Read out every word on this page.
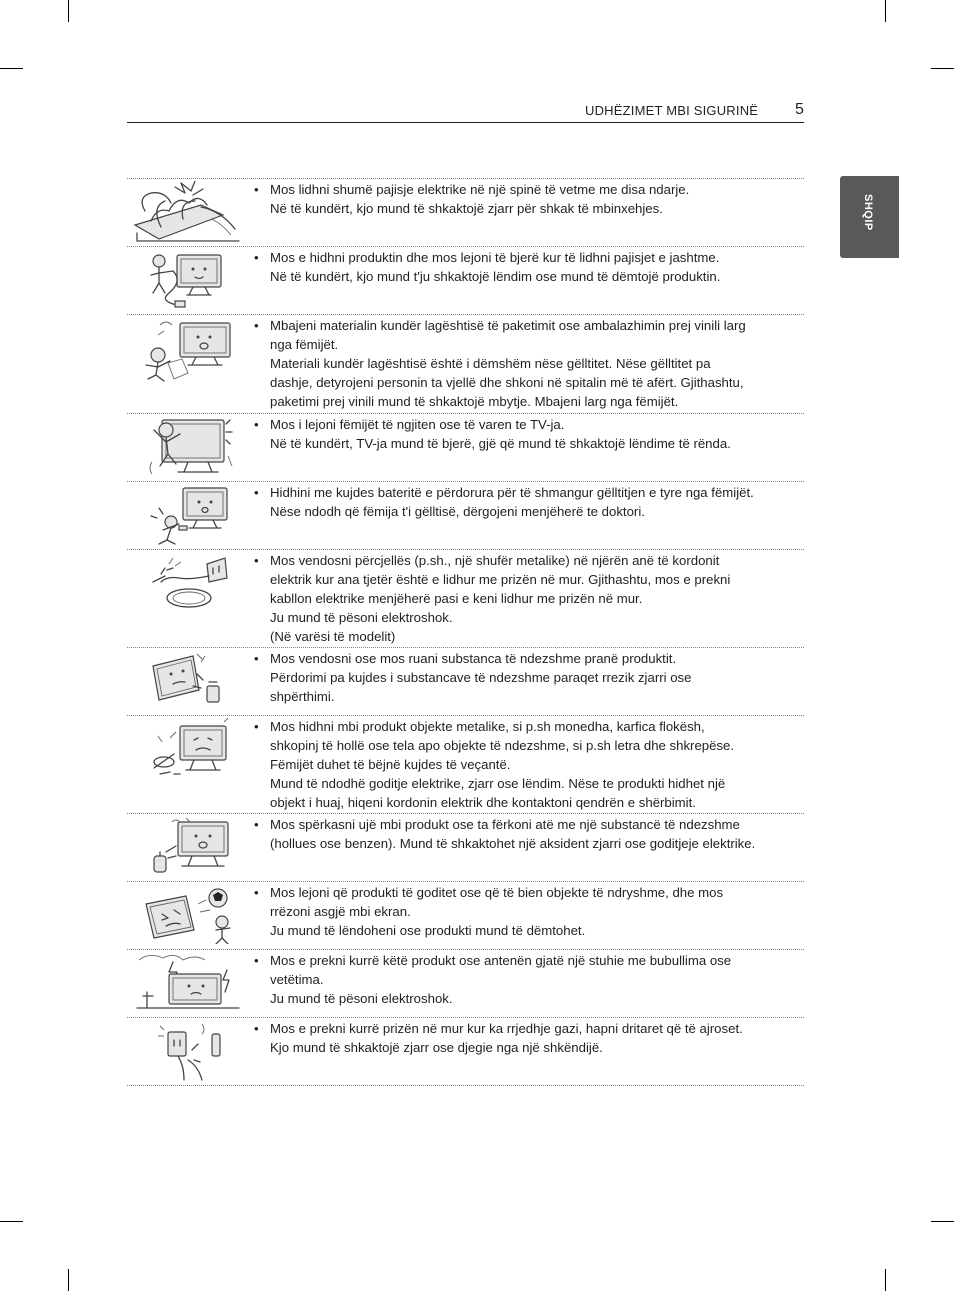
UDHËZIMET MBI SIGURINË 5
SHQIP
• Mos lidhni shumë pajisje elektrike në një spinë të vetme me disa ndarje.
Në të kundërt, kjo mund të shkaktojë zjarr për shkak të mbinxehjes.
• Mos e hidhni produktin dhe mos lejoni të bjerë kur të lidhni pajisjet e jashtme.
Në të kundërt, kjo mund t'ju shkaktojë lëndim ose mund të dëmtojë produktin.
• Mbajeni materialin kundër lagështisë të paketimit ose ambalazhimin prej vinili larg
nga fëmijët.
Materiali kundër lagështisë është i dëmshëm nëse gëlltitet. Nëse gëlltitet pa
dashje, detyrojeni personin ta vjellë dhe shkoni në spitalin më të afërt. Gjithashtu,
paketimi prej vinili mund të shkaktojë mbytje. Mbajeni larg nga fëmijët.
• Mos i lejoni fëmijët të ngjiten ose të varen te TV-ja.
Në të kundërt, TV-ja mund të bjerë, gjë që mund të shkaktojë lëndime të rënda.
• Hidhini me kujdes bateritë e përdorura për të shmangur gëlltitjen e tyre nga fëmijët.
Nëse ndodh që fëmija t'i gëlltisë, dërgojeni menjëherë te doktori.
• Mos vendosni përcjellës (p.sh., një shufër metalike) në njërën anë të kordonit
elektrik kur ana tjetër është e lidhur me prizën në mur. Gjithashtu, mos e prekni
kabllon elektrike menjëherë pasi e keni lidhur me prizën në mur.
Ju mund të pësoni elektroshok.
(Në varësi të modelit)
• Mos vendosni ose mos ruani substanca të ndezshme pranë produktit.
Përdorimi pa kujdes i substancave të ndezshme paraqet rrezik zjarri ose
shpërthimi.
• Mos hidhni mbi produkt objekte metalike, si p.sh monedha, karfica flokësh,
shkopinj të hollë ose tela apo objekte të ndezshme, si p.sh letra dhe shkrepëse.
Fëmijët duhet të bëjnë kujdes të veçantë.
Mund të ndodhë goditje elektrike, zjarr ose lëndim. Nëse te produkti hidhet një
objekt i huaj, hiqeni kordonin elektrik dhe kontaktoni qendrën e shërbimit.
• Mos spërkasni ujë mbi produkt ose ta fërkoni atë me një substancë të ndezshme
(hollues ose benzen). Mund të shkaktohet një aksident zjarri ose goditjeje elektrike.
• Mos lejoni që produkti të goditet ose që të bien objekte të ndryshme, dhe mos
rrëzoni asgjë mbi ekran.
Ju mund të lëndoheni ose produkti mund të dëmtohet.
• Mos e prekni kurrë këtë produkt ose antenën gjatë një stuhie me bubullima ose
vetëtima.
Ju mund të pësoni elektroshok.
• Mos e prekni kurrë prizën në mur kur ka rrjedhje gazi, hapni dritaret që të ajroset.
Kjo mund të shkaktojë zjarr ose djegie nga një shkëndijë.
